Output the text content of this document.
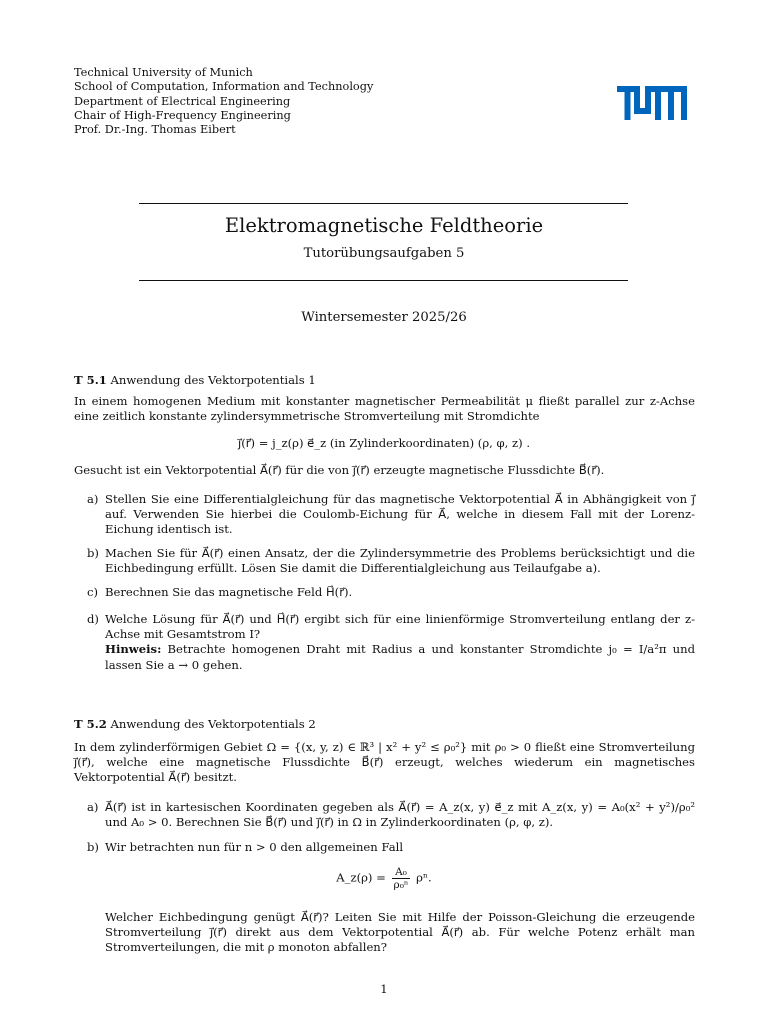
Technical University of Munich
School of Computation, Information and Technology
Department of Electrical Engineering
Chair of High-Frequency Engineering
Prof. Dr.-Ing. Thomas Eibert
Elektromagnetische Feldtheorie
Tutorübungsaufgaben 5
Wintersemester 2025/26
T 5.1 Anwendung des Vektorpotentials 1
In einem homogenen Medium mit konstanter magnetischer Permeabilität μ fließt parallel zur z-Achse eine zeitlich konstante zylindersymmetrische Stromverteilung mit Stromdichte
j⃗(r⃗) = j_z(ρ) e⃗_z (in Zylinderkoordinaten) (ρ, φ, z) .
Gesucht ist ein Vektorpotential A⃗(r⃗) für die von j⃗(r⃗) erzeugte magnetische Flussdichte B⃗(r⃗).
a) Stellen Sie eine Differentialgleichung für das magnetische Vektorpotential A⃗ in Abhängigkeit von j⃗ auf. Verwenden Sie hierbei die Coulomb-Eichung für A⃗, welche in diesem Fall mit der Lorenz-Eichung identisch ist.
b) Machen Sie für A⃗(r⃗) einen Ansatz, der die Zylindersymmetrie des Problems berücksichtigt und die Eichbedingung erfüllt. Lösen Sie damit die Differentialgleichung aus Teilaufgabe a).
c) Berechnen Sie das magnetische Feld H⃗(r⃗).
d) Welche Lösung für A⃗(r⃗) und H⃗(r⃗) ergibt sich für eine linienförmige Stromverteilung entlang der z-Achse mit Gesamtstrom I?
Hinweis: Betrachte homogenen Draht mit Radius a und konstanter Stromdichte j₀ = I/a²π und lassen Sie a → 0 gehen.
T 5.2 Anwendung des Vektorpotentials 2
In dem zylinderförmigen Gebiet Ω = {(x, y, z) ∈ ℝ³ | x² + y² ≤ ρ₀²} mit ρ₀ > 0 fließt eine Stromverteilung j⃗(r⃗), welche eine magnetische Flussdichte B⃗(r⃗) erzeugt, welches wiederum ein magnetisches Vektorpotential A⃗(r⃗) besitzt.
a) A⃗(r⃗) ist in kartesischen Koordinaten gegeben als A⃗(r⃗) = A_z(x, y) e⃗_z mit A_z(x, y) = A₀(x² + y²)/ρ₀² und A₀ > 0. Berechnen Sie B⃗(r⃗) und j⃗(r⃗) in Ω in Zylinderkoordinaten (ρ, φ, z).
b) Wir betrachten nun für n > 0 den allgemeinen Fall
A_z(ρ) = $\frac{\text{A₀}}{\text{ρ₀ⁿ}} \rho^n$.
Welcher Eichbedingung genügt A⃗(r⃗)? Leiten Sie mit Hilfe der Poisson-Gleichung die erzeugende Stromverteilung j⃗(r⃗) direkt aus dem Vektorpotential A⃗(r⃗) ab. Für welche Potenz erhält man Stromverteilungen, die mit ρ monoton abfallen?
1
